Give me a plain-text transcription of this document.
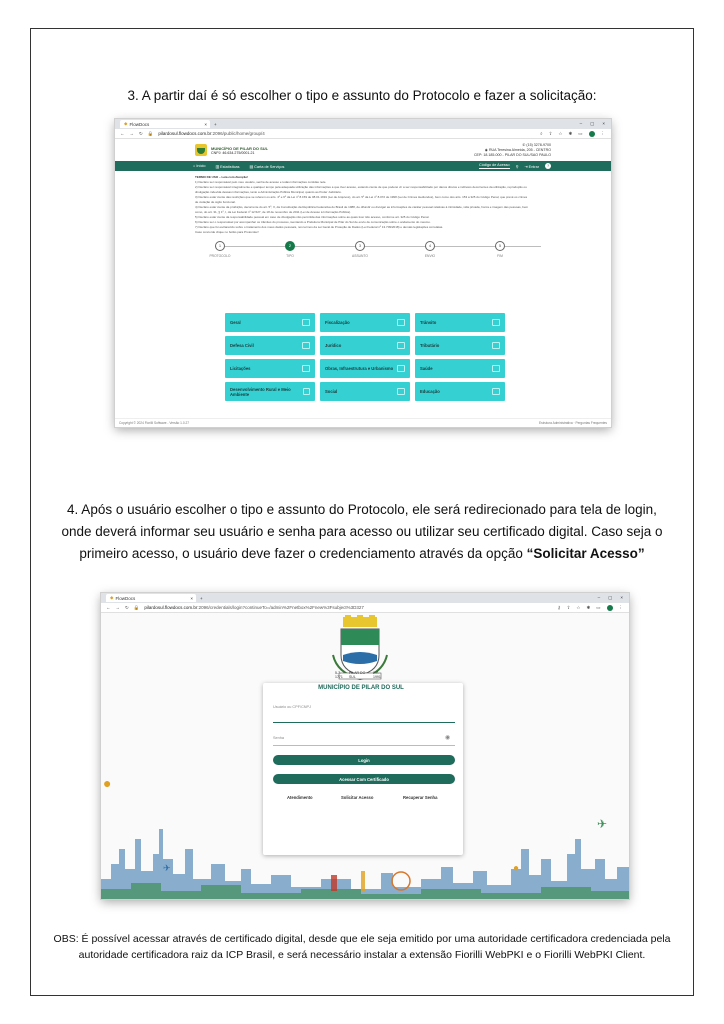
3. A partir daí é só escolher o tipo e assunto do Protocolo e fazer a solicitação:
◆ FlowDocs	× +	– ▢ ×
← → ↻ 🔒 pilardosul.flowdocs.com.br:2096/public/home/group/4	⌕ ⇪ ☆ ✱ ▭	⋮
MUNICÍPIO DE PILAR DO SUL
CNPJ: 46.634.275/0001-21
✆ (15) 3278-9700
◉ RUA Teresina Almeida, 205 - CENTRO
CEP: 18.185-000 - PILAR DO SUL/SAO PAULO
⌂ Início	▥ Estatísticas	▤ Carta de Serviços	Código de Acesso ⚲ ⇥ Entrar	?
TERMO DE USO – Leia com Atenção!
1) Declaro ser responsável pelo meu usuário, senha de acesso e todas informações contidas nele.
2) Declaro ser responsável integralmente e qualquer tempo pela adequada utilização das informações a que tiver acesso, estando ciente de que poderei vir a ser responsabilizado por danos diretos e indiretos decorrentes da utilização, reprodução ou divulgação indevida dessas informações, tanto a Administração Pública Municipal, quanto ao Poder Judiciário.
3) Declaro estar ciente das restrições que se referem os arts. 4º e 6º da Lei nº 8.159 de 08.01.1991 (Lei de Arquivos), do art. 5º da Lei nº 8.072 de 1998 (Lei de Crimes Hediondos), bem como dos arts. 153 a 325 do Código Penal, que prevê os crimes de violação de sigilo funcional.
4) Declaro estar ciente da proibição, decorrente do art. 5º, X, da Constituição da República Federativa do Brasil de 1988, de difundir ou divulgar as informações de caráter pessoal relativas à intimidade, vida privada, honra e imagem das pessoas, bem como, do art. 31, § 1º, I, da Lei Federal nº 12.527, de 18 de novembro de 2011 (Lei de Acesso à Informação Pública).
5) Declaro estar ciente da responsabilidade pessoal em caso de divulgação não permitida das informações sobre as quais tiver tido acesso, conforme art. 325 do Código Penal.
6) Declaro ser o responsável por acompanhar os trâmites do processo, isentando a Prefeitura Municipal de Pilar do Sul de envio de comunicação sobre o andamento do mesmo.
7) Declaro que fui esclarecido sobre o tratamento dos meus dados pessoais, nos termos da Lei Geral de Proteção de Dados (Lei Federal nº 13.709/2018) e demais legislações correlatas.
Caso concorde clique no botão para Protocolar!
1	2	3	4	5
PROTOCOLO	TIPO	ASSUNTO	ENVIO	FIM
Geral	Fiscalização	Trânsito
Defesa Civil	Jurídico	Tributário
Licitações	Obras, Infraestrutura e Urbanismo	Saúde
Desenvolvimento Rural e Meio Ambiente	Social	Educação
Copyright © 2024 Fiorilli Software - Versão 1.0.27	Estrutura Administrativa · Perguntas Frequentes
4. Após o usuário escolher o tipo e assunto do Protocolo, ele será redirecionado para tela de login,
onde deverá informar seu usuário e senha para acesso ou utilizar seu certificado digital. Caso seja o
primeiro acesso, o usuário deve fazer o credenciamento através da opção “Solicitar Acesso”
◆ FlowDocs	× +	– ▢ ×
← → ↻ 🔒 pilardosul.flowdocs.com.br:2096/credentials/login?continueTo=/admin%2Fnetbox%2Fnew%3Fsubject%3D327	⚷ ⇪ ☆ ✱ ▭	⋮
●
●
✈
✈
5-7-1771
PILAR DO SUL
2-7-1991
MUNICÍPIO DE PILAR DO SUL
Usuário ou CPF/CNPJ
Senha	◉
Login
Acessar Com Certificado
Atendimento	Solicitar Acesso	Recuperar Senha
OBS: É possível acessar através de certificado digital, desde que ele seja emitido por uma autoridade certificadora credenciada pela
autoridade certificadora raiz da ICP Brasil, e será necessário instalar a extensão Fiorilli WebPKI e o Fiorilli WebPKI Client.
